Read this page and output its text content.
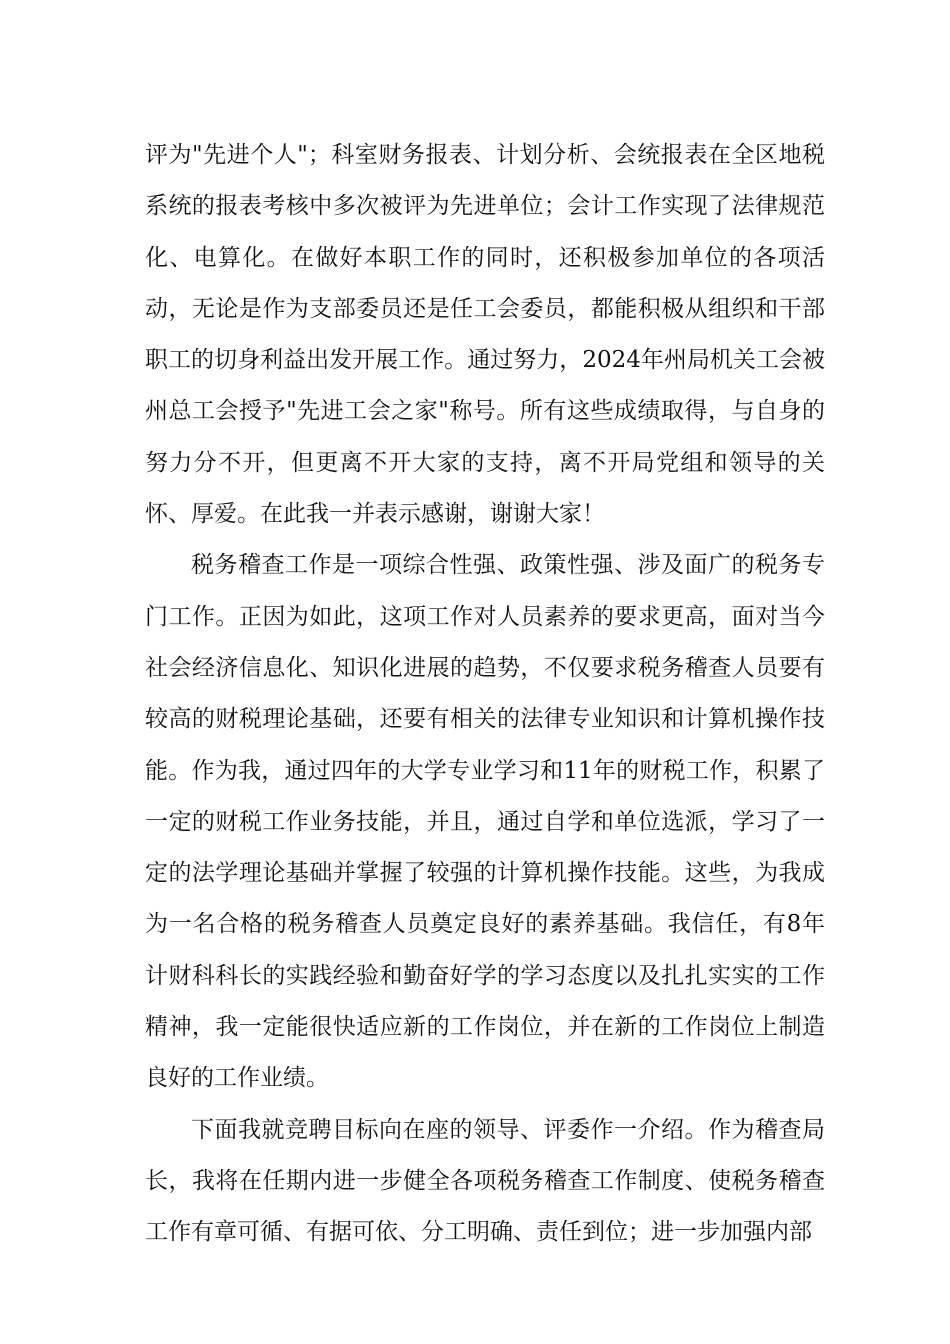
评为"先进个人"；科室财务报表、计划分析、会统报表在全区地税系统的报表考核中多次被评为先进单位；会计工作实现了法律规范化、电算化。在做好本职工作的同时，还积极参加单位的各项活动，无论是作为支部委员还是任工会委员，都能积极从组织和干部职工的切身利益出发开展工作。通过努力，2024年州局机关工会被州总工会授予"先进工会之家"称号。所有这些成绩取得，与自身的努力分不开，但更离不开大家的支持，离不开局党组和领导的关怀、厚爱。在此我一并表示感谢，谢谢大家！

税务稽查工作是一项综合性强、政策性强、涉及面广的税务专门工作。正因为如此，这项工作对人员素养的要求更高，面对当今社会经济信息化、知识化进展的趋势，不仅要求税务稽查人员要有较高的财税理论基础，还要有相关的法律专业知识和计算机操作技能。作为我，通过四年的大学专业学习和11年的财税工作，积累了一定的财税工作业务技能，并且，通过自学和单位选派，学习了一定的法学理论基础并掌握了较强的计算机操作技能。这些，为我成为一名合格的税务稽查人员奠定良好的素养基础。我信任，有8年计财科科长的实践经验和勤奋好学的学习态度以及扎扎实实的工作精神，我一定能很快适应新的工作岗位，并在新的工作岗位上制造良好的工作业绩。

下面我就竞聘目标向在座的领导、评委作一介绍。作为稽查局长，我将在任期内进一步健全各项税务稽查工作制度、使税务稽查工作有章可循、有据可依、分工明确、责任到位；进一步加强内部
